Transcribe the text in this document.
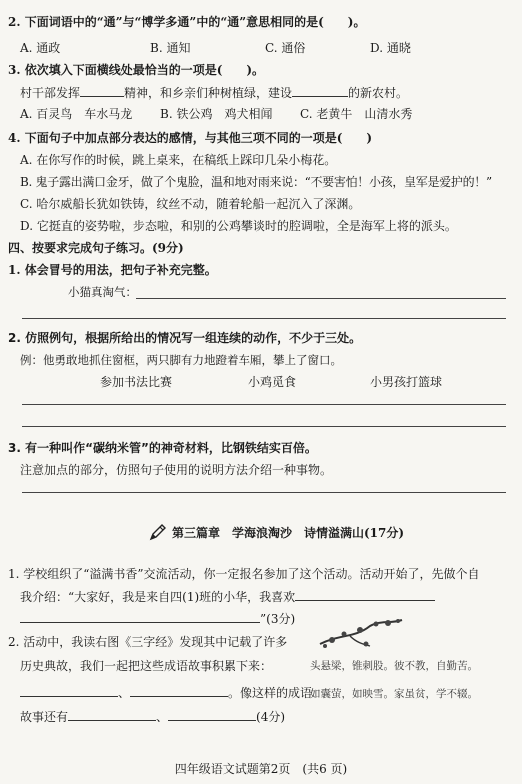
2. 下面词语中的“通”与“博学多通”中的“通”意思相同的是(　　)。
A. 通政	B. 通知	C. 通俗	D. 通晓
3. 依次填入下面横线处最恰当的一项是(　　)。
村干部发挥	精神，和乡亲们种树植绿，建设	的新农村。
A. 百灵鸟　车水马龙 B. 铁公鸡　鸡犬相闻 C. 老黄牛　山清水秀
4. 下面句子中加点部分表达的感情，与其他三项不同的一项是(　　)
A. 在你写作的时候，跳上桌来，在稿纸上踩印几朵小梅花。
B. 鬼子露出满口金牙，做了个鬼脸，温和地对雨来说：“不要害怕！小孩，皇军是爱护的！”
C. 哈尔威船长犹如铁铸，纹丝不动，随着轮船一起沉入了深渊。
D. 它挺直的姿势啦，步态啦，和别的公鸡攀谈时的腔调啦，全是海军上将的派头。
四、按要求完成句子练习。(9分)
1. 体会冒号的用法，把句子补充完整。
小猫真淘气：
2. 仿照例句，根据所给出的情况写一组连续的动作，不少于三处。
例：他勇敢地抓住窗框，两只脚有力地蹬着车厢，攀上了窗口。
参加书法比赛	小鸡觅食	小男孩打篮球
3. 有一种叫作“碳纳米管”的神奇材料，比钢铁结实百倍。
注意加点的部分，仿照句子使用的说明方法介绍一种事物。
第三篇章　学海浪淘沙　诗情溢满山(17分)
1. 学校组织了“溢满书香”交流活动，你一定报名参加了这个活动。活动开始了，先做个自
我介绍：“大家好，我是来自四(1)班的小华，我喜欢
”(3分)
2. 活动中，我读右图《三字经》发现其中记载了许多
历史典故，我们一起把这些成语故事积累下来：
、	。像这样的成语
故事还有	、	(4分)
头悬梁，锥刺股。彼不教，自勤苦。
如囊萤，如映雪。家虽贫，学不辍。
四年级语文试题第2页　(共6 页)
